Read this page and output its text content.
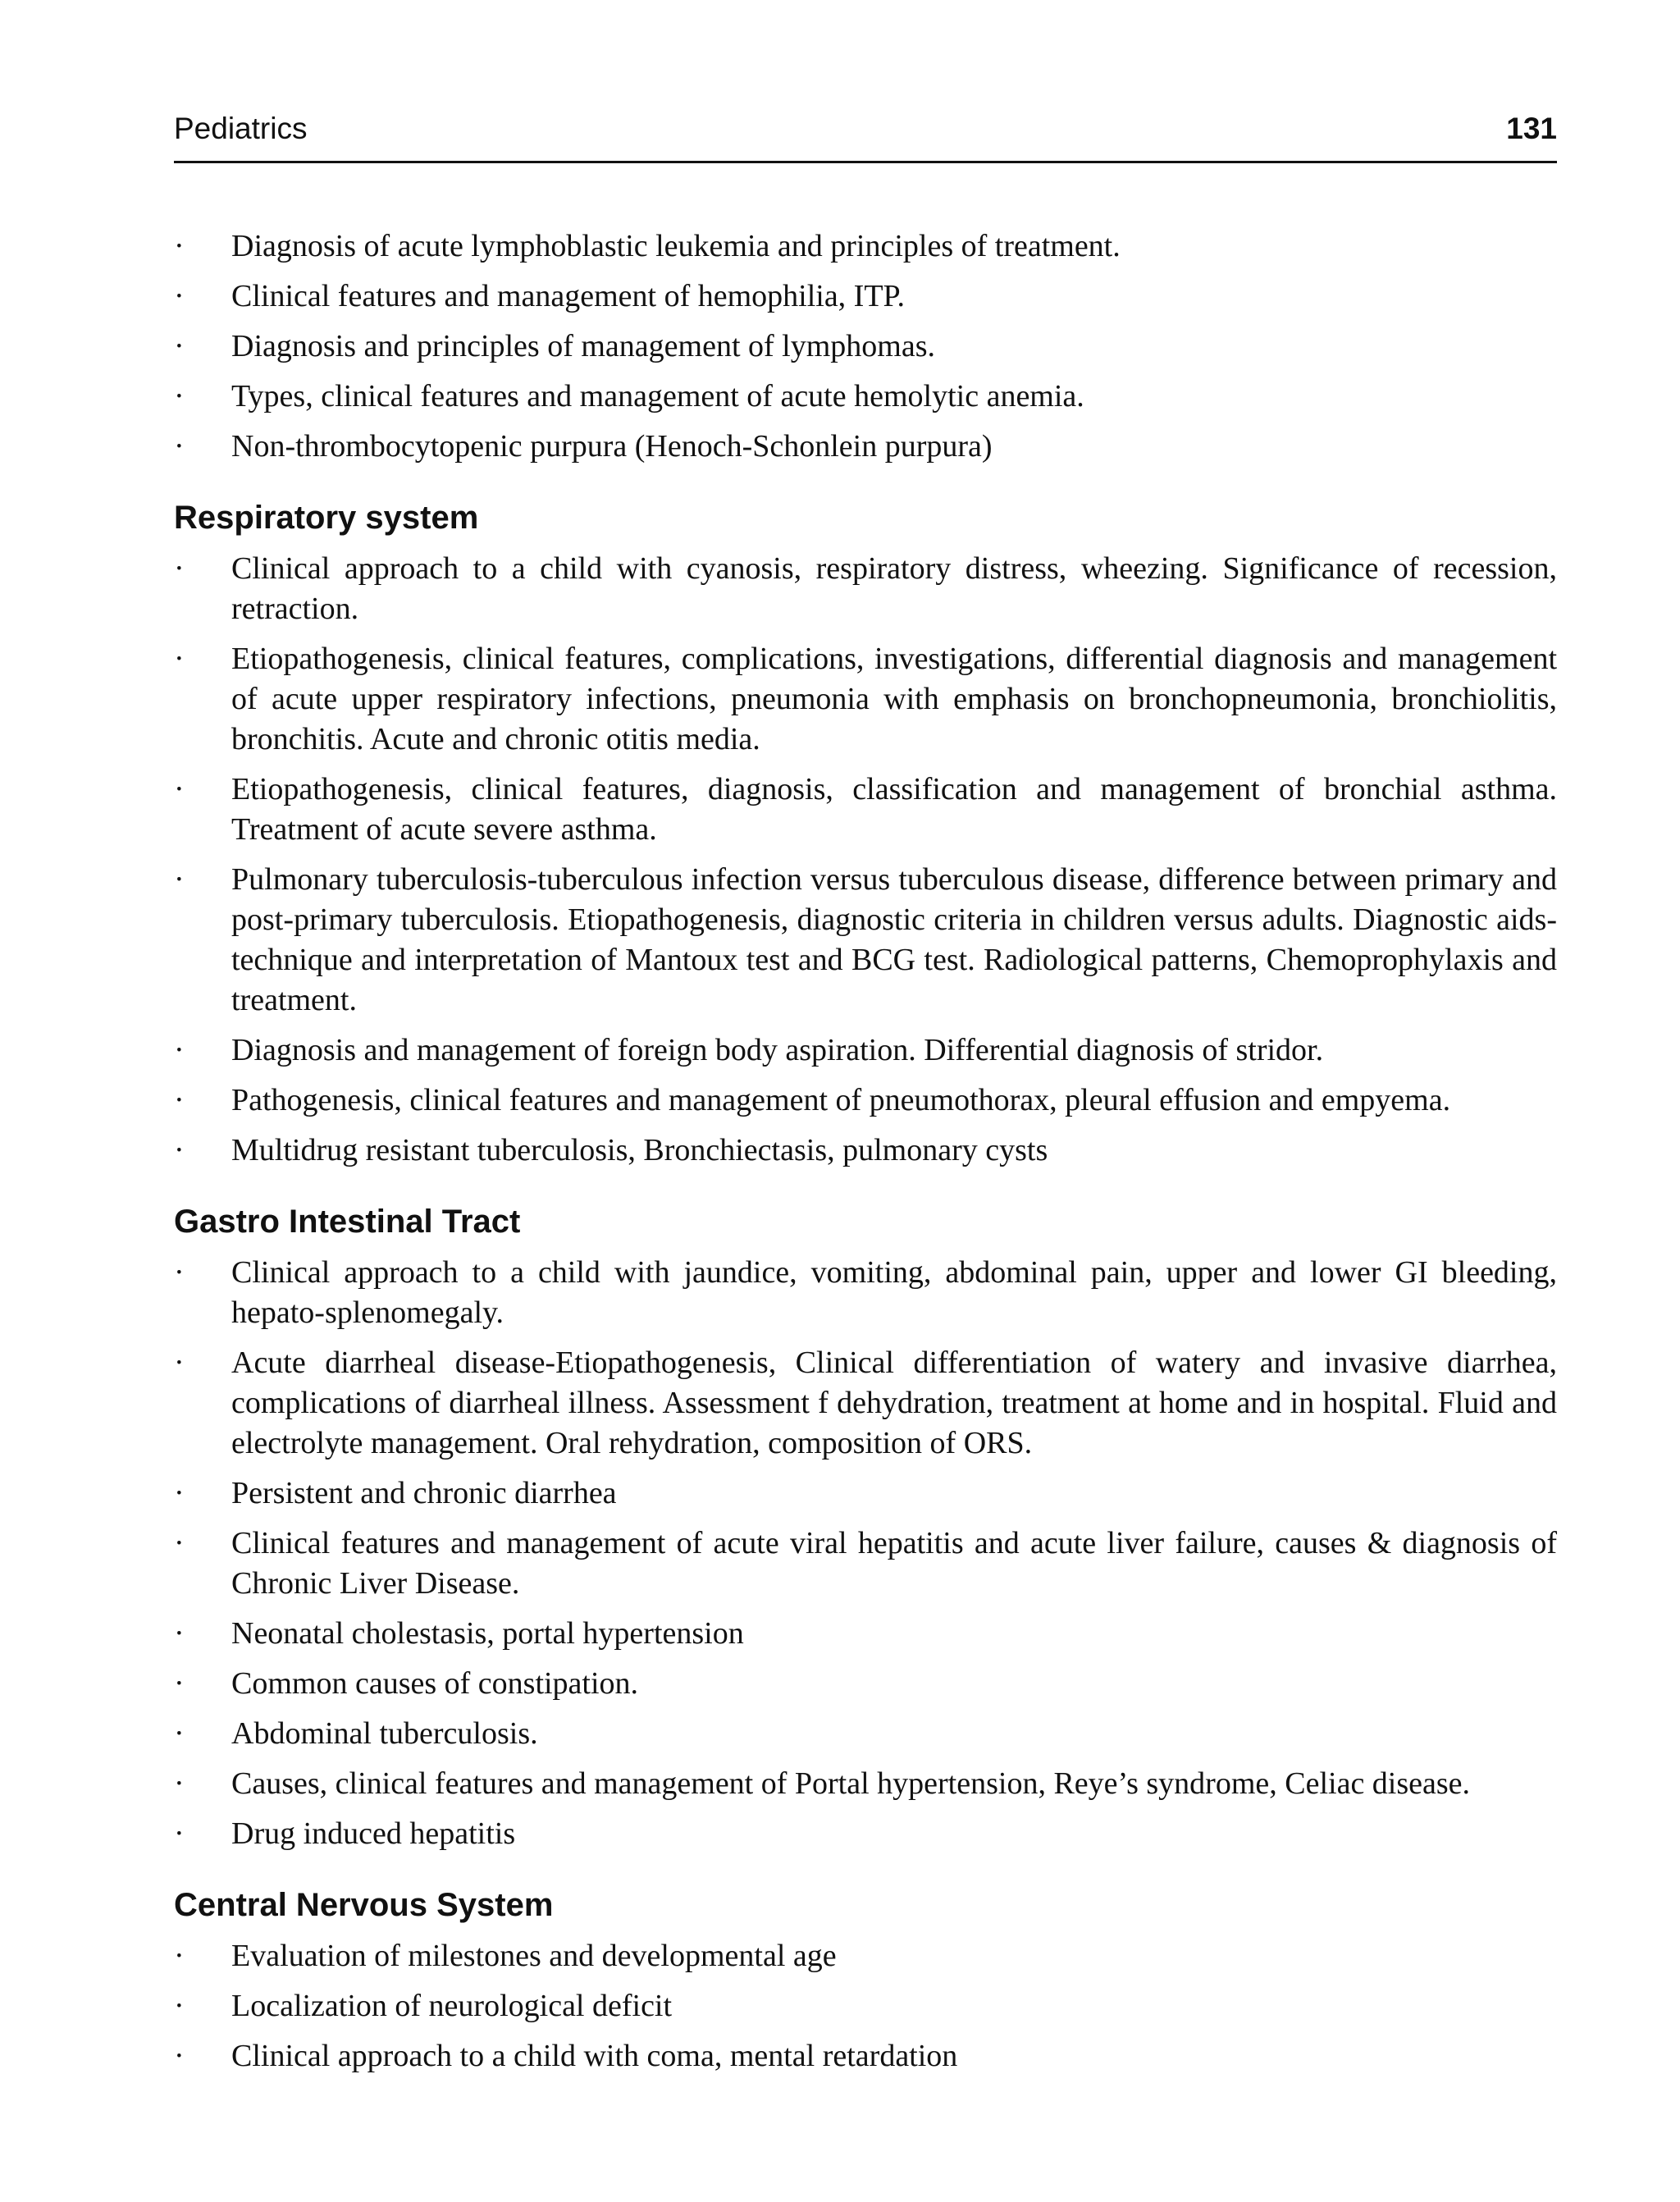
Pediatrics	131
·	Diagnosis of acute lymphoblastic leukemia and principles of treatment.
·	Clinical features and management of hemophilia, ITP.
·	Diagnosis and principles of management of lymphomas.
·	Types, clinical features and management of acute hemolytic anemia.
·	Non-thrombocytopenic purpura (Henoch-Schonlein purpura)
Respiratory system
·	Clinical approach to a child with cyanosis, respiratory distress, wheezing. Significance of recession, retraction.
·	Etiopathogenesis, clinical features, complications, investigations, differential diagnosis and management of acute upper respiratory infections, pneumonia with emphasis on bronchopneumonia, bronchiolitis, bronchitis. Acute and chronic otitis media.
·	Etiopathogenesis, clinical features, diagnosis, classification and management of bronchial asthma. Treatment of acute severe asthma.
·	Pulmonary tuberculosis-tuberculous infection versus tuberculous disease, difference between primary and post-primary tuberculosis. Etiopathogenesis, diagnostic criteria in children versus adults. Diagnostic aids-technique and interpretation of Mantoux test and BCG test. Radiological patterns, Chemoprophylaxis and treatment.
·	Diagnosis and management of foreign body aspiration. Differential diagnosis of stridor.
·	Pathogenesis, clinical features and management of pneumothorax, pleural effusion and empyema.
·	Multidrug resistant tuberculosis, Bronchiectasis, pulmonary cysts
Gastro Intestinal Tract
·	Clinical approach to a child with jaundice, vomiting, abdominal pain, upper and lower GI bleeding, hepato-splenomegaly.
·	Acute diarrheal disease-Etiopathogenesis, Clinical differentiation of watery and invasive diarrhea, complications of diarrheal illness. Assessment f dehydration, treatment at home and in hospital. Fluid and electrolyte management. Oral rehydration, composition of ORS.
·	Persistent and chronic diarrhea
·	Clinical features and management of acute viral hepatitis and acute liver failure, causes & diagnosis of Chronic Liver Disease.
·	Neonatal cholestasis, portal hypertension
·	Common causes of constipation.
·	Abdominal tuberculosis.
·	Causes, clinical features and management of Portal hypertension, Reye’s syndrome, Celiac disease.
·	Drug induced hepatitis
Central Nervous System
·	Evaluation of milestones and developmental age
·	Localization of neurological deficit
·	Clinical approach to a child with coma, mental retardation
